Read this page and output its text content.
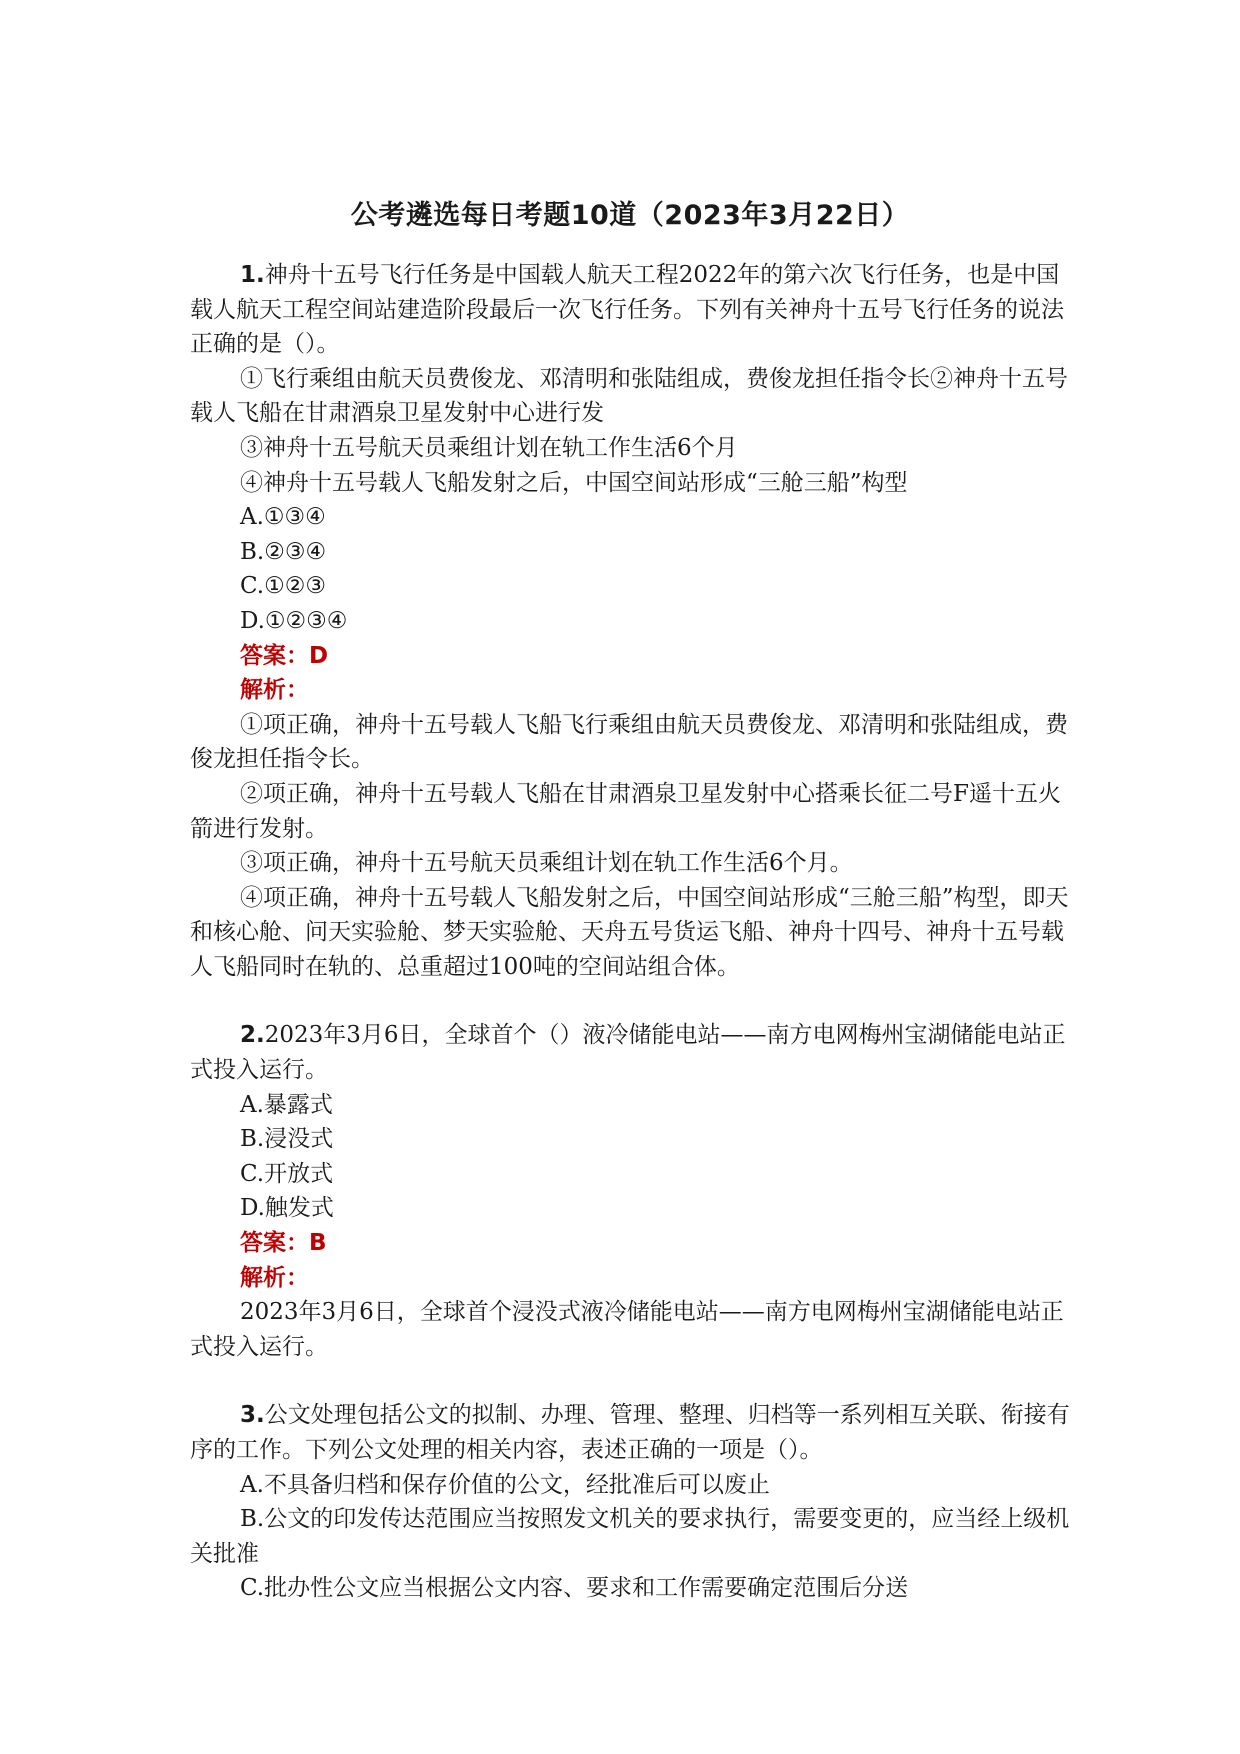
公考遴选每日考题10道（2023年3月22日）

1.神舟十五号飞行任务是中国载人航天工程2022年的第六次飞行任务，也是中国载人航天工程空间站建造阶段最后一次飞行任务。下列有关神舟十五号飞行任务的说法正确的是（）。

①飞行乘组由航天员费俊龙、邓清明和张陆组成，费俊龙担任指令长②神舟十五号载人飞船在甘肃酒泉卫星发射中心进行发

③神舟十五号航天员乘组计划在轨工作生活6个月

④神舟十五号载人飞船发射之后，中国空间站形成“三舱三船”构型

A.①③④

B.②③④

C.①②③

D.①②③④

答案：D

解析：

①项正确，神舟十五号载人飞船飞行乘组由航天员费俊龙、邓清明和张陆组成，费俊龙担任指令长。

②项正确，神舟十五号载人飞船在甘肃酒泉卫星发射中心搭乘长征二号F遥十五火箭进行发射。

③项正确，神舟十五号航天员乘组计划在轨工作生活6个月。

④项正确，神舟十五号载人飞船发射之后，中国空间站形成“三舱三船”构型，即天和核心舱、问天实验舱、梦天实验舱、天舟五号货运飞船、神舟十四号、神舟十五号载人飞船同时在轨的、总重超过100吨的空间站组合体。

2.2023年3月6日，全球首个（）液冷储能电站——南方电网梅州宝湖储能电站正式投入运行。

A.暴露式

B.浸没式

C.开放式

D.触发式

答案：B

解析：

2023年3月6日，全球首个浸没式液冷储能电站——南方电网梅州宝湖储能电站正式投入运行。

3.公文处理包括公文的拟制、办理、管理、整理、归档等一系列相互关联、衔接有序的工作。下列公文处理的相关内容，表述正确的一项是（）。

A.不具备归档和保存价值的公文，经批准后可以废止

B.公文的印发传达范围应当按照发文机关的要求执行，需要变更的，应当经上级机关批准

C.批办性公文应当根据公文内容、要求和工作需要确定范围后分送
